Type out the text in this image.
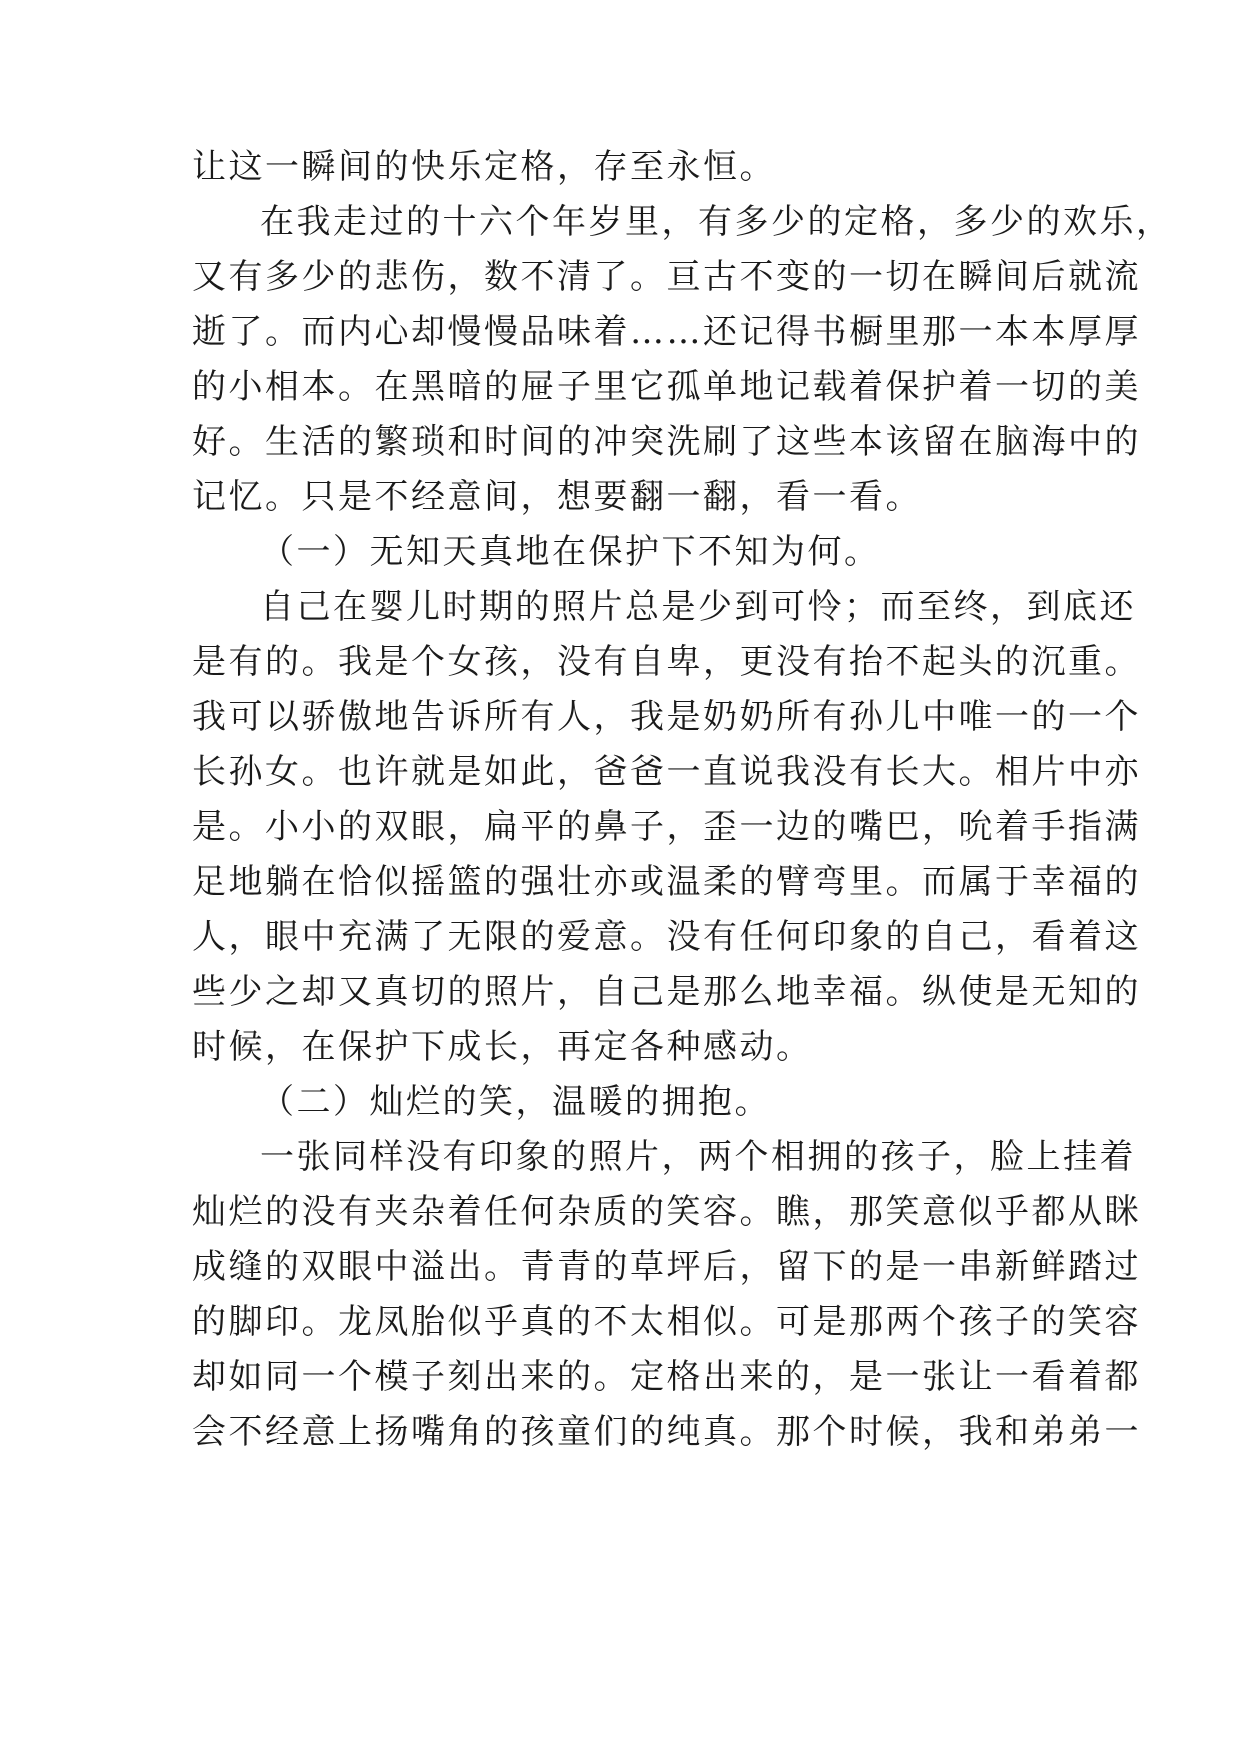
让这一瞬间的快乐定格，存至永恒。
在我走过的十六个年岁里，有多少的定格，多少的欢乐，
又有多少的悲伤，数不清了。亘古不变的一切在瞬间后就流
逝了。而内心却慢慢品味着……还记得书橱里那一本本厚厚
的小相本。在黑暗的屉子里它孤单地记载着保护着一切的美
好。生活的繁琐和时间的冲突洗刷了这些本该留在脑海中的
记忆。只是不经意间，想要翻一翻，看一看。
（一）无知天真地在保护下不知为何。
自己在婴儿时期的照片总是少到可怜；而至终，到底还
是有的。我是个女孩，没有自卑，更没有抬不起头的沉重。
我可以骄傲地告诉所有人，我是奶奶所有孙儿中唯一的一个
长孙女。也许就是如此，爸爸一直说我没有长大。相片中亦
是。小小的双眼，扁平的鼻子，歪一边的嘴巴，吮着手指满
足地躺在恰似摇篮的强壮亦或温柔的臂弯里。而属于幸福的
人，眼中充满了无限的爱意。没有任何印象的自己，看着这
些少之却又真切的照片，自己是那么地幸福。纵使是无知的
时候，在保护下成长，再定各种感动。
（二）灿烂的笑，温暖的拥抱。
一张同样没有印象的照片，两个相拥的孩子，脸上挂着
灿烂的没有夹杂着任何杂质的笑容。瞧，那笑意似乎都从眯
成缝的双眼中溢出。青青的草坪后，留下的是一串新鲜踏过
的脚印。龙凤胎似乎真的不太相似。可是那两个孩子的笑容
却如同一个模子刻出来的。定格出来的，是一张让一看着都
会不经意上扬嘴角的孩童们的纯真。那个时候，我和弟弟一
